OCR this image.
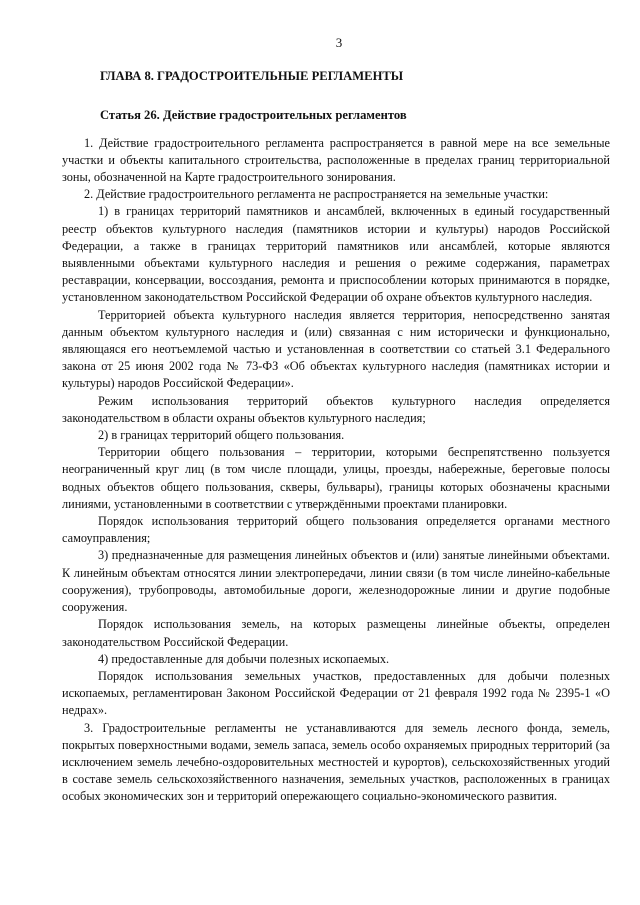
3
ГЛАВА 8. ГРАДОСТРОИТЕЛЬНЫЕ РЕГЛАМЕНТЫ
Статья 26. Действие градостроительных регламентов

1. Действие градостроительного регламента распространяется в равной мере на все земельные участки и объекты капитального строительства, расположенные в пределах границ территориальной зоны, обозначенной на Карте градостроительного зонирования.

2. Действие градостроительного регламента не распространяется на земельные участки:

1) в границах территорий памятников и ансамблей, включенных в единый государственный реестр объектов культурного наследия (памятников истории и культуры) народов Российской Федерации, а также в границах территорий памятников или ансамблей, которые являются выявленными объектами культурного наследия и решения о режиме содержания, параметрах реставрации, консервации, воссоздания, ремонта и приспособлении которых принимаются в порядке, установленном законодательством Российской Федерации об охране объектов культурного наследия.

Территорией объекта культурного наследия является территория, непосредственно занятая данным объектом культурного наследия и (или) связанная с ним исторически и функционально, являющаяся его неотъемлемой частью и установленная в соответствии со статьей 3.1 Федерального закона от 25 июня 2002 года № 73-ФЗ «Об объектах культурного наследия (памятниках истории и культуры) народов Российской Федерации».

Режим использования территорий объектов культурного наследия определяется законодательством в области охраны объектов культурного наследия;

2) в границах территорий общего пользования.

Территории общего пользования – территории, которыми беспрепятственно пользуется неограниченный круг лиц (в том числе площади, улицы, проезды, набережные, береговые полосы водных объектов общего пользования, скверы, бульвары), границы которых обозначены красными линиями, установленными в соответствии с утверждёнными проектами планировки.

Порядок использования территорий общего пользования определяется органами местного самоуправления;

3) предназначенные для размещения линейных объектов и (или) занятые линейными объектами. К линейным объектам относятся линии электропередачи, линии связи (в том числе линейно-кабельные сооружения), трубопроводы, автомобильные дороги, железнодорожные линии и другие подобные сооружения.

Порядок использования земель, на которых размещены линейные объекты, определен законодательством Российской Федерации.

4) предоставленные для добычи полезных ископаемых.

Порядок использования земельных участков, предоставленных для добычи полезных ископаемых, регламентирован Законом Российской Федерации от 21 февраля 1992 года № 2395-1 «О недрах».

3. Градостроительные регламенты не устанавливаются для земель лесного фонда, земель, покрытых поверхностными водами, земель запаса, земель особо охраняемых природных территорий (за исключением земель лечебно-оздоровительных местностей и курортов), сельскохозяйственных угодий в составе земель сельскохозяйственного назначения, земельных участков, расположенных в границах особых экономических зон и территорий опережающего социально-экономического развития.
